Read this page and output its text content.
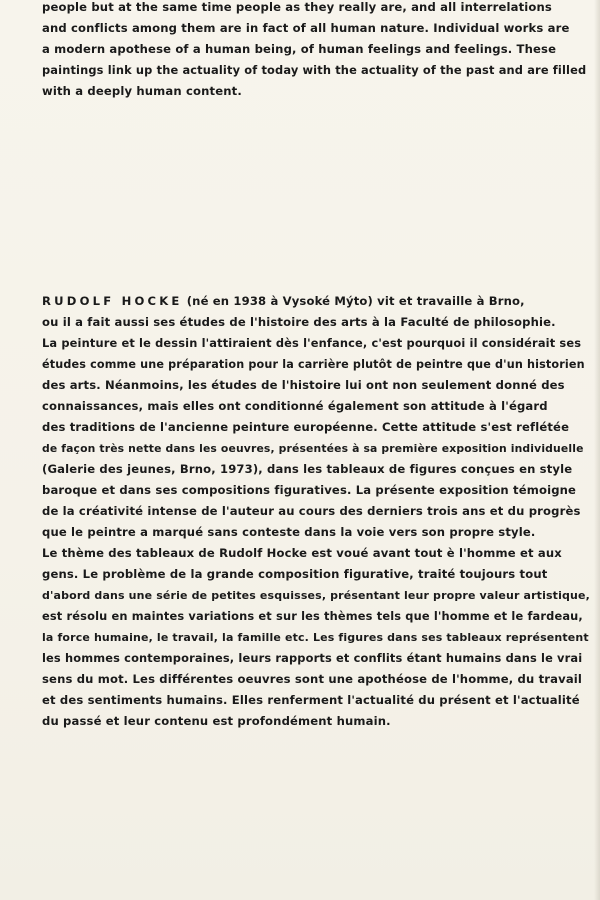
people but at the same time people as they really are, and all interrelations
and conflicts among them are in fact of all human nature. Individual works are
a modern apothese of a human being, of human feelings and feelings. These
paintings link up the actuality of today with the actuality of the past and are filled
with a deeply human content.
RUDOLF HOCKE (né en 1938 à Vysoké Mýto) vit et travaille à Brno,
ou il a fait aussi ses études de l'histoire des arts à la Faculté de philosophie.
La peinture et le dessin l'attiraient dès l'enfance, c'est pourquoi il considérait ses
études comme une préparation pour la carrière plutôt de peintre que d'un historien
des arts. Néanmoins, les études de l'histoire lui ont non seulement donné des
connaissances, mais elles ont conditionné également son attitude à l'égard
des traditions de l'ancienne peinture européenne. Cette attitude s'est reflétée
de façon très nette dans les oeuvres, présentées à sa première exposition individuelle
(Galerie des jeunes, Brno, 1973), dans les tableaux de figures conçues en style
baroque et dans ses compositions figuratives. La présente exposition témoigne
de la créativité intense de l'auteur au cours des derniers trois ans et du progrès
que le peintre a marqué sans conteste dans la voie vers son propre style.
Le thème des tableaux de Rudolf Hocke est voué avant tout è l'homme et aux
gens. Le problème de la grande composition figurative, traité toujours tout
d'abord dans une série de petites esquisses, présentant leur propre valeur artistique,
est résolu en maintes variations et sur les thèmes tels que l'homme et le fardeau,
la force humaine, le travail, la famille etc. Les figures dans ses tableaux représentent
les hommes contemporaines, leurs rapports et conflits étant humains dans le vrai
sens du mot. Les différentes oeuvres sont une apothéose de l'homme, du travail
et des sentiments humains. Elles renferment l'actualité du présent et l'actualité
du passé et leur contenu est profondément humain.
